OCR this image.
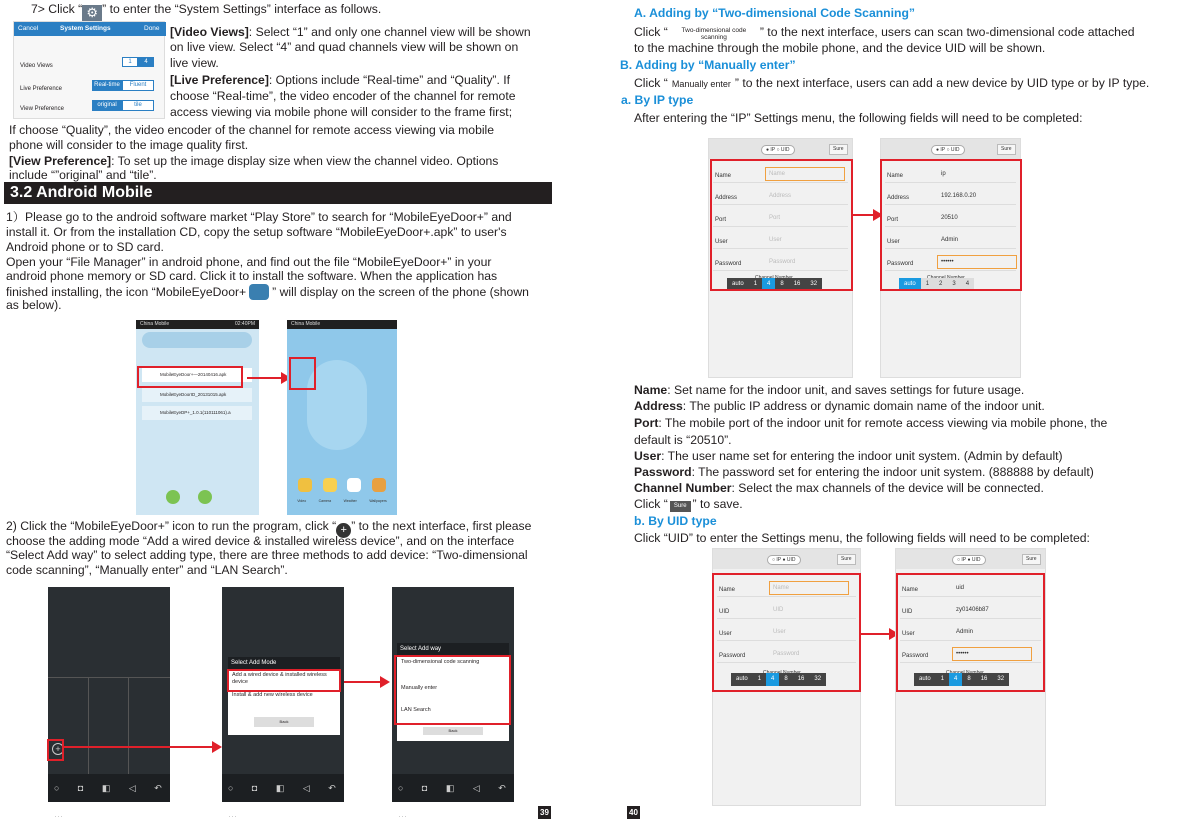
7> Click “ ⚙ ” to enter the “System Settings” interface as follows.

Cancel	System Settings	Done
Video Views
1	4
Live Preference
Real-time	Fluent
View Preference
original	tile

[Video Views]: Select “1” and only one channel view will be shown

on live view. Select “4” and quad channels view will be shown on

live view.

[Live Preference]: Options include “Real-time” and “Quality”. If

choose “Real-time”, the video encoder of the channel for remote

access viewing via mobile phone will consider to the frame first;

If choose “Quality”, the video encoder of the channel for remote access viewing via mobile

phone will consider to the image quality first.

[View Preference]: To set up the image display size when view the channel video. Options

include “”original” and “tile”.

3.2 Android Mobile

1）Please go to the android software market “Play Store” to search for “MobileEyeDoor+” and

install it. Or from the installation CD, copy the setup software “MobileEyeDoor+.apk” to user's

Android phone or to SD card.

Open your “File Manager” in android phone, and find out the file “MobileEyeDoor+” in your

android phone memory or SD card. Click it to install the software. When the application has

finished installing, the icon “MobileEyeDoor+ ” will display on the screen of the phone (shown

as below).

China Mobile	02:40PM
MobileEyeDoor+—20140416.apk
MobileEyeDoorID_20131015.apk
MobileEyeDP+_1.0.1(110111061).a
China Mobile
Video	Camera	Weather	Wallpapers

2) Click the “MobileEyeDoor+” icon to run the program, click “ + ” to the next interface, first please

choose the adding mode “Add a wired device & installed wireless device”, and on the interface

“Select Add way” to select adding type, there are three methods to add device: “Two-dimensional

code scanning”, “Manually enter” and “LAN Search”.

○ ◘ ◧ ◁ ↶ ⋯
+
Select Add Mode
Add a wired device & installed wireless device
Install & add new wireless device
Back
○ ◘ ◧ ◁ ↶ ⋯
Select Add way
Two-dimensional code scanning
Manually enter
LAN Search
Back
○ ◘ ◧ ◁ ↶ ⋯	39

A. Adding by “Two-dimensional Code Scanning”

Click “ Two-dimensional code scanning	” to the next interface, users can scan two-dimensional code attached

to the machine through the mobile phone, and the device UID will be shown.

B. Adding by “Manually enter”

Click “ Manually enter ” to the next interface, users can add a new device by UID type or by IP type.

a. By IP type

After entering the “IP” Settings menu, the following fields will need to be completed:

● IP ○ UID	Sure
Name	Name
Address	Address
Port	Port
User	User
Password	Password
auto	1	4	8	16	32
● IP ○ UID	Sure
Name	ip
Address	192.168.0.20
Port	20510
User	Admin
Password	••••••
auto	1	2	3	4

Name: Set name for the indoor unit, and saves settings for future usage.

Address: The public IP address or dynamic domain name of the indoor unit.

Port: The mobile port of the indoor unit for remote access viewing via mobile phone, the

default is “20510”.

User: The user name set for entering the indoor unit system. (Admin by default)

Password: The password set for entering the indoor unit system. (888888 by default)

Channel Number: Select the max channels of the device will be connected.

Click “ Sure ” to save.

b. By UID type

Click “UID” to enter the Settings menu, the following fields will need to be completed:

○ IP ● UID	Sure
Name	Name
UID	UID
User	User
Password	Password
auto	1	4	8	16	32
○ IP ● UID	Sure
Name	uid
UID	zy01406b87
User	Admin
Password	••••••
auto	1	4	8	16	32
40
